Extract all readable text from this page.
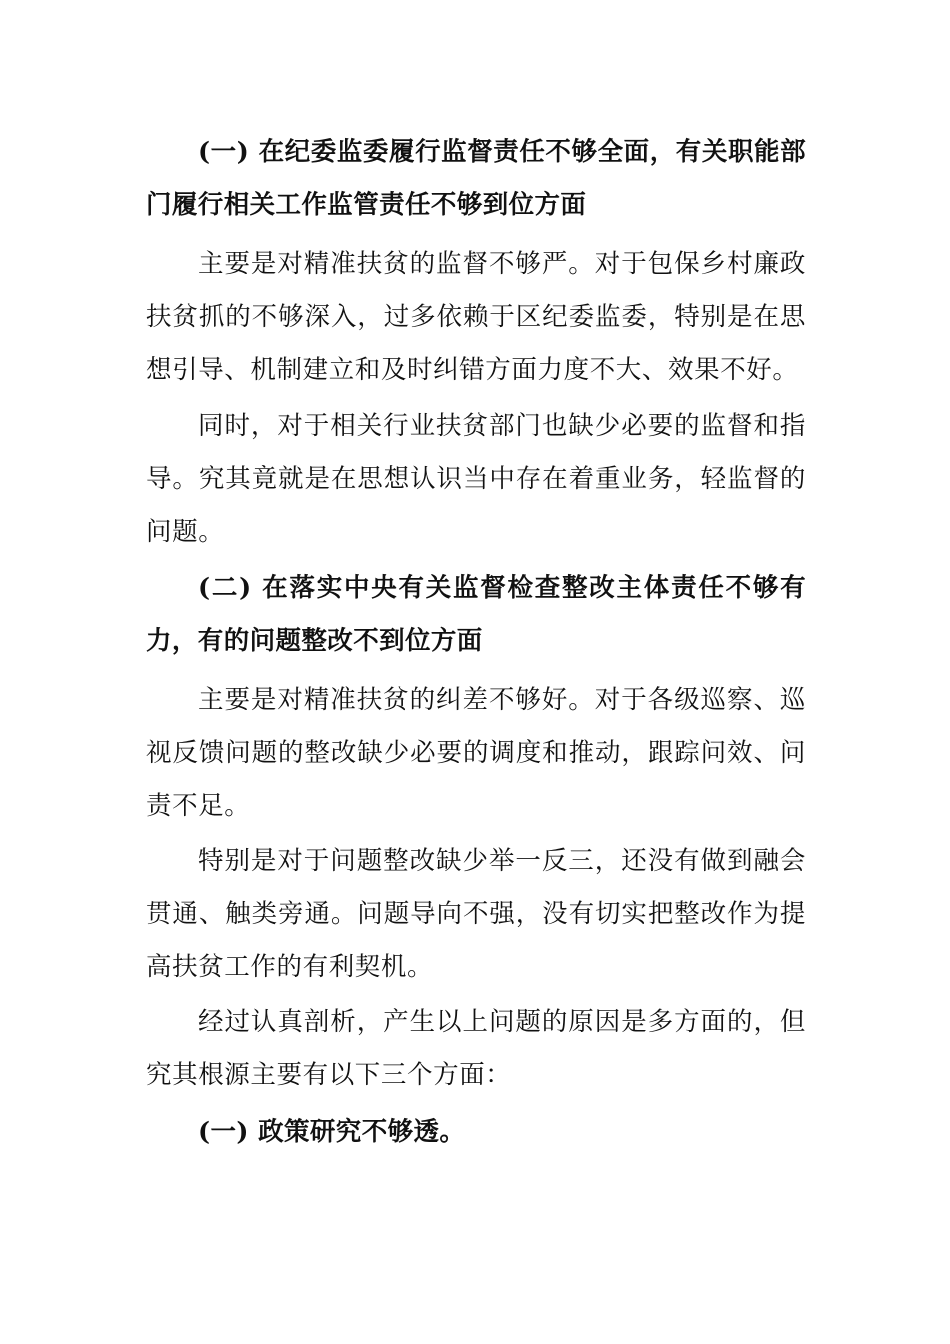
(一) 在纪委监委履行监督责任不够全面，有关职能部门履行相关工作监管责任不够到位方面

主要是对精准扶贫的监督不够严。对于包保乡村廉政扶贫抓的不够深入，过多依赖于区纪委监委，特别是在思想引导、机制建立和及时纠错方面力度不大、效果不好。

同时，对于相关行业扶贫部门也缺少必要的监督和指导。究其竟就是在思想认识当中存在着重业务，轻监督的问题。

(二) 在落实中央有关监督检查整改主体责任不够有力，有的问题整改不到位方面

主要是对精准扶贫的纠差不够好。对于各级巡察、巡视反馈问题的整改缺少必要的调度和推动，跟踪问效、问责不足。

特别是对于问题整改缺少举一反三，还没有做到融会贯通、触类旁通。问题导向不强，没有切实把整改作为提高扶贫工作的有利契机。

经过认真剖析，产生以上问题的原因是多方面的，但究其根源主要有以下三个方面：

(一) 政策研究不够透。
